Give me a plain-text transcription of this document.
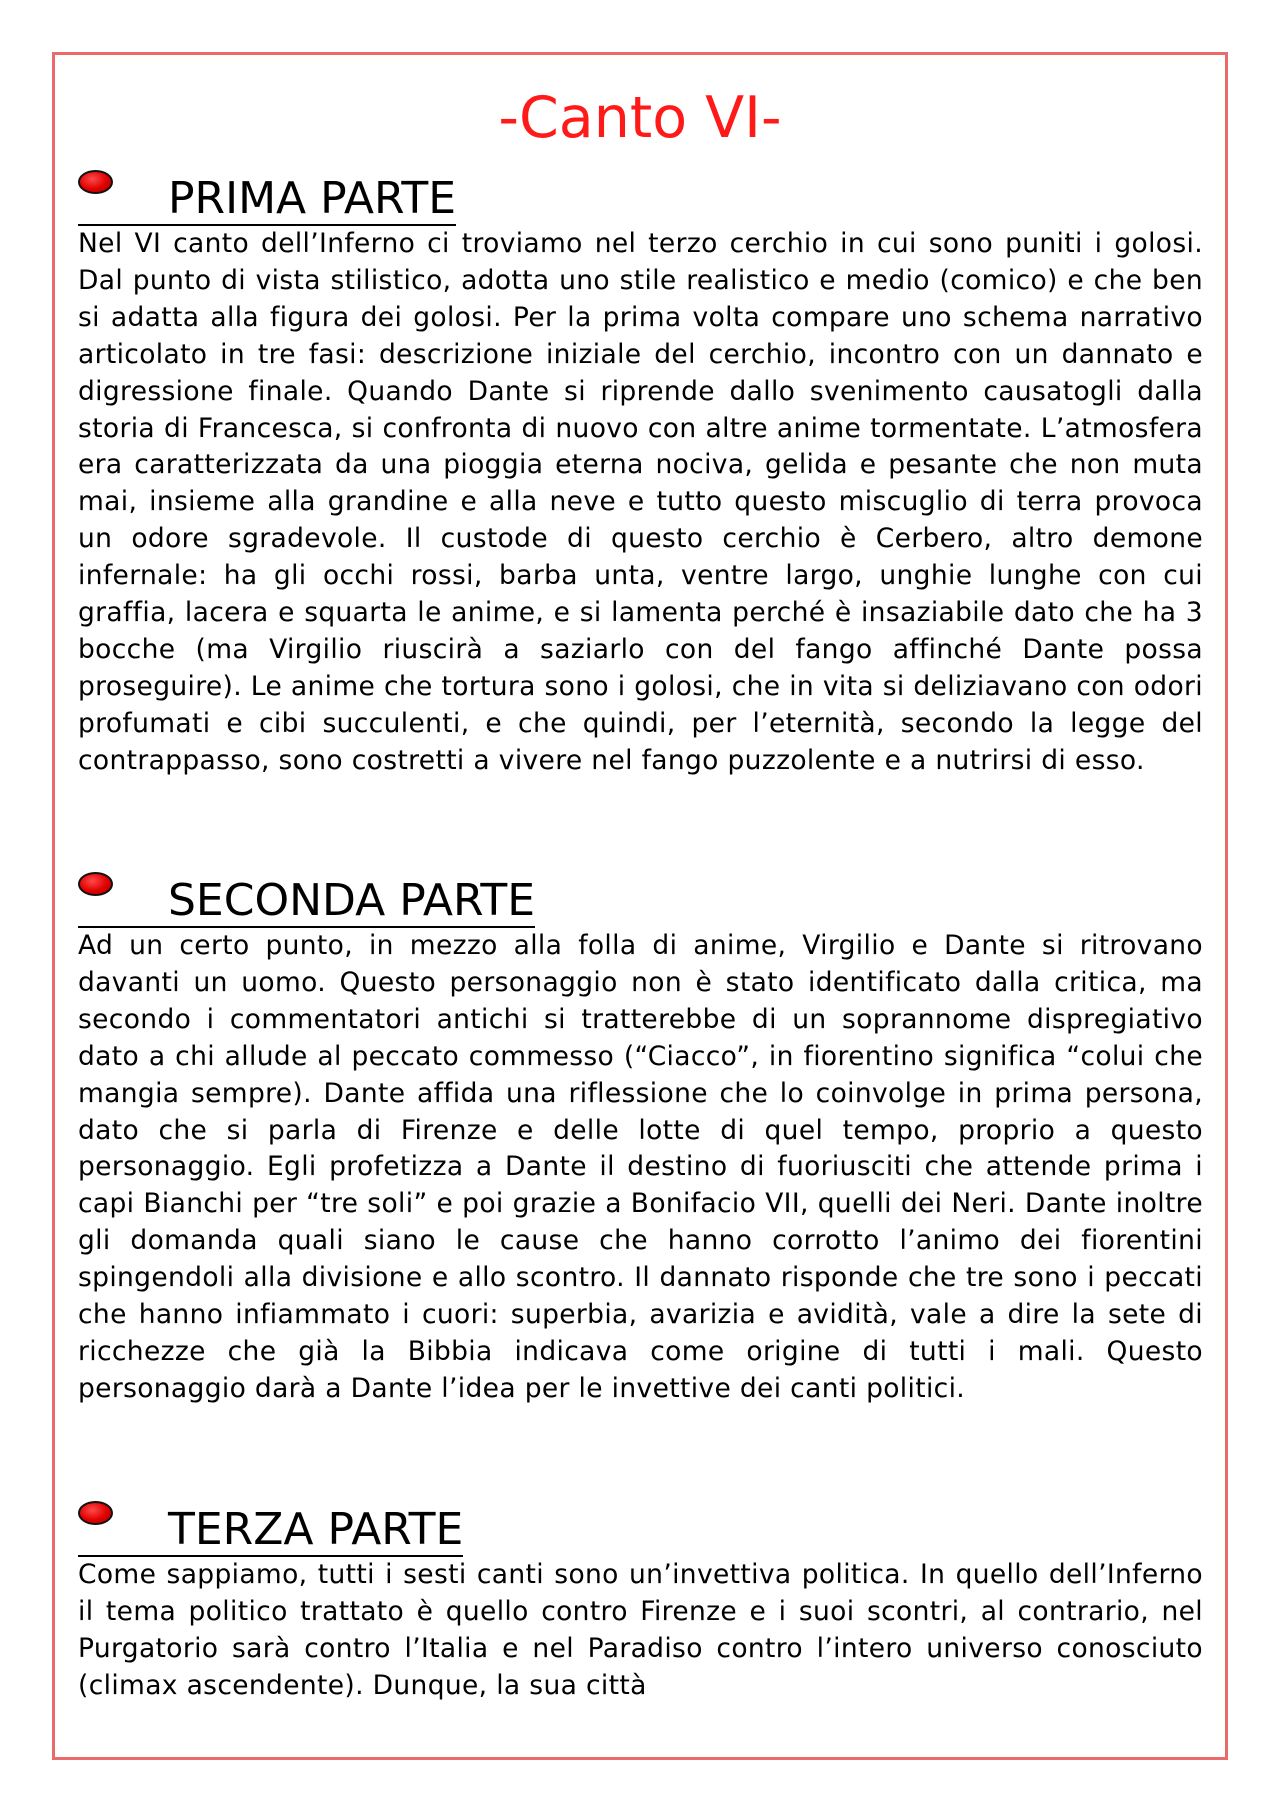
-Canto VI-
PRIMA PARTE

Nel VI canto dell’Inferno ci troviamo nel terzo cerchio in cui sono puniti i golosi. Dal punto di vista stilistico, adotta uno stile realistico e medio (comico) e che ben si adatta alla figura dei golosi. Per la prima volta compare uno schema narrativo articolato in tre fasi: descrizione iniziale del cerchio, incontro con un dannato e digressione finale. Quando Dante si riprende dallo svenimento causatogli dalla storia di Francesca, si confronta di nuovo con altre anime tormentate. L’atmosfera era caratterizzata da una pioggia eterna nociva, gelida e pesante che non muta mai, insieme alla grandine e alla neve e tutto questo miscuglio di terra provoca un odore sgradevole. Il custode di questo cerchio è Cerbero, altro demone infernale: ha gli occhi rossi, barba unta, ventre largo, unghie lunghe con cui graffia, lacera e squarta le anime, e si lamenta perché è insaziabile dato che ha 3 bocche (ma Virgilio riuscirà a saziarlo con del fango affinché Dante possa proseguire). Le anime che tortura sono i golosi, che in vita si deliziavano con odori profumati e cibi succulenti, e che quindi, per l’eternità, secondo la legge del contrappasso, sono costretti a vivere nel fango puzzolente e a nutrirsi di esso.

SECONDA PARTE

Ad un certo punto, in mezzo alla folla di anime, Virgilio e Dante si ritrovano davanti un uomo. Questo personaggio non è stato identificato dalla critica, ma secondo i commentatori antichi si tratterebbe di un soprannome dispregiativo dato a chi allude al peccato commesso (“Ciacco”, in fiorentino significa “colui che mangia sempre). Dante affida una riflessione che lo coinvolge in prima persona, dato che si parla di Firenze e delle lotte di quel tempo, proprio a questo personaggio. Egli profetizza a Dante il destino di fuoriusciti che attende prima i capi Bianchi per “tre soli” e poi grazie a Bonifacio VII, quelli dei Neri. Dante inoltre gli domanda quali siano le cause che hanno corrotto l’animo dei fiorentini spingendoli alla divisione e allo scontro. Il dannato risponde che tre sono i peccati che hanno infiammato i cuori: superbia, avarizia e avidità, vale a dire la sete di ricchezze che già la Bibbia indicava come origine di tutti i mali. Questo personaggio darà a Dante l’idea per le invettive dei canti politici.

TERZA PARTE

Come sappiamo, tutti i sesti canti sono un’invettiva politica. In quello dell’Inferno il tema politico trattato è quello contro Firenze e i suoi scontri, al contrario, nel Purgatorio sarà contro l’Italia e nel Paradiso contro l’intero universo conosciuto (climax ascendente). Dunque, la sua città
